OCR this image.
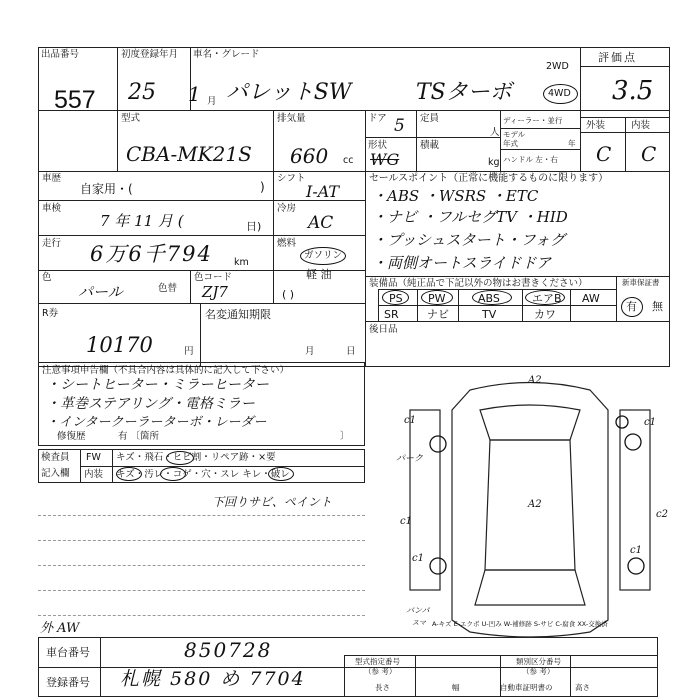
出品番号
557
初度登録年月
25 1 月
車名・グレード
パレットSW	TSターボ
2WD
4WD
評価点
3.5
外装	内装
C C
型式
CBA-MK21S
排気量
660 cc
ドア 5 定員
人
形状
WG
積載
kg
ディーラー・並行
モデル
年式	年
ハンドル 左・右
車歴
自家用・(	)
車検
7 年 11 月 (	日)
走行 6万6千794 km
色
パール	色替
色コード
ZJ7
R券
10170	円
名変通知期限
月	日
シフト
I-AT
冷房
AC
燃料
ガソリン
軽 油
( )
セールスポイント（正常に機能するものに限ります）
・ABS ・WSRS ・ETC
・ナビ ・フルセグTV ・HID
・プッシュスタート・フォグ
・両側オートスライドドア
装備品（純正品で下記以外の物はお書きください）
PS PW	ABS	エアB AW
SR	ナビ	TV	カワ
新車保証書
有 無
後日品
注意事項申告欄（不具合内容は具体的に記入して下さい）
・シートヒーター・ミラーヒーター
・革巻ステアリング・電格ミラー
・インタークーラーターボ・レーダー
修復歴	有 〔箇所	〕
検査員
記入欄
FW キズ・飛石・ヒビ割・リペア跡・×要
内装 キズ・汚レ・コゲ・穴・スレ キレ・破レ
下回りサビ、ペイント
A2
A2
c1	c1
c1
c1
c1
c2
パーク
バンパ
スマ A-キズ E-エクボ U-凹み W-補修跡 S-サビ C-腐食 XX-交換済
外 AW
車台番号	850728
登録番号 札幌 580 め 7704
型式指定番号
（参 考）
類別区分番号
（参 考）
長さ	幅	高さ
自動車証明書の
